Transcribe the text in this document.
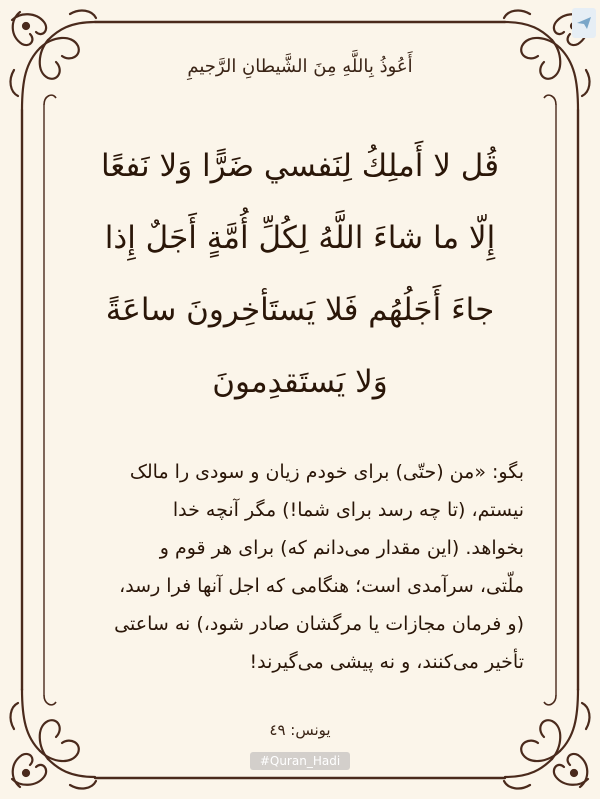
أَعُوذُ بِاللَّهِ مِنَ الشَّيطانِ الرَّجيمِ
قُل لا أَملِكُ لِنَفسي ضَرًّا وَلا نَفعًا
إِلّا ما شاءَ اللَّهُ لِكُلِّ أُمَّةٍ أَجَلٌ إِذا
جاءَ أَجَلُهُم فَلا يَستَأخِرونَ ساعَةً
وَلا يَستَقدِمونَ
بگو: «من (حتّى) براى خودم زيان و سودى را مالک
نيستم، (تا چه رسد براى شما!) مگر آنچه خدا
بخواهد. (اين مقدار مى‌دانم که) براى هر قوم و
ملّتى، سرآمدى است؛ هنگامى که اجل آنها فرا رسد،
(و فرمان مجازات يا مرگشان صادر شود،) نه ساعتى
تأخير مى‌کنند، و نه پيشى مى‌گيرند!
يونس: ٤٩
#Quran_Hadi
